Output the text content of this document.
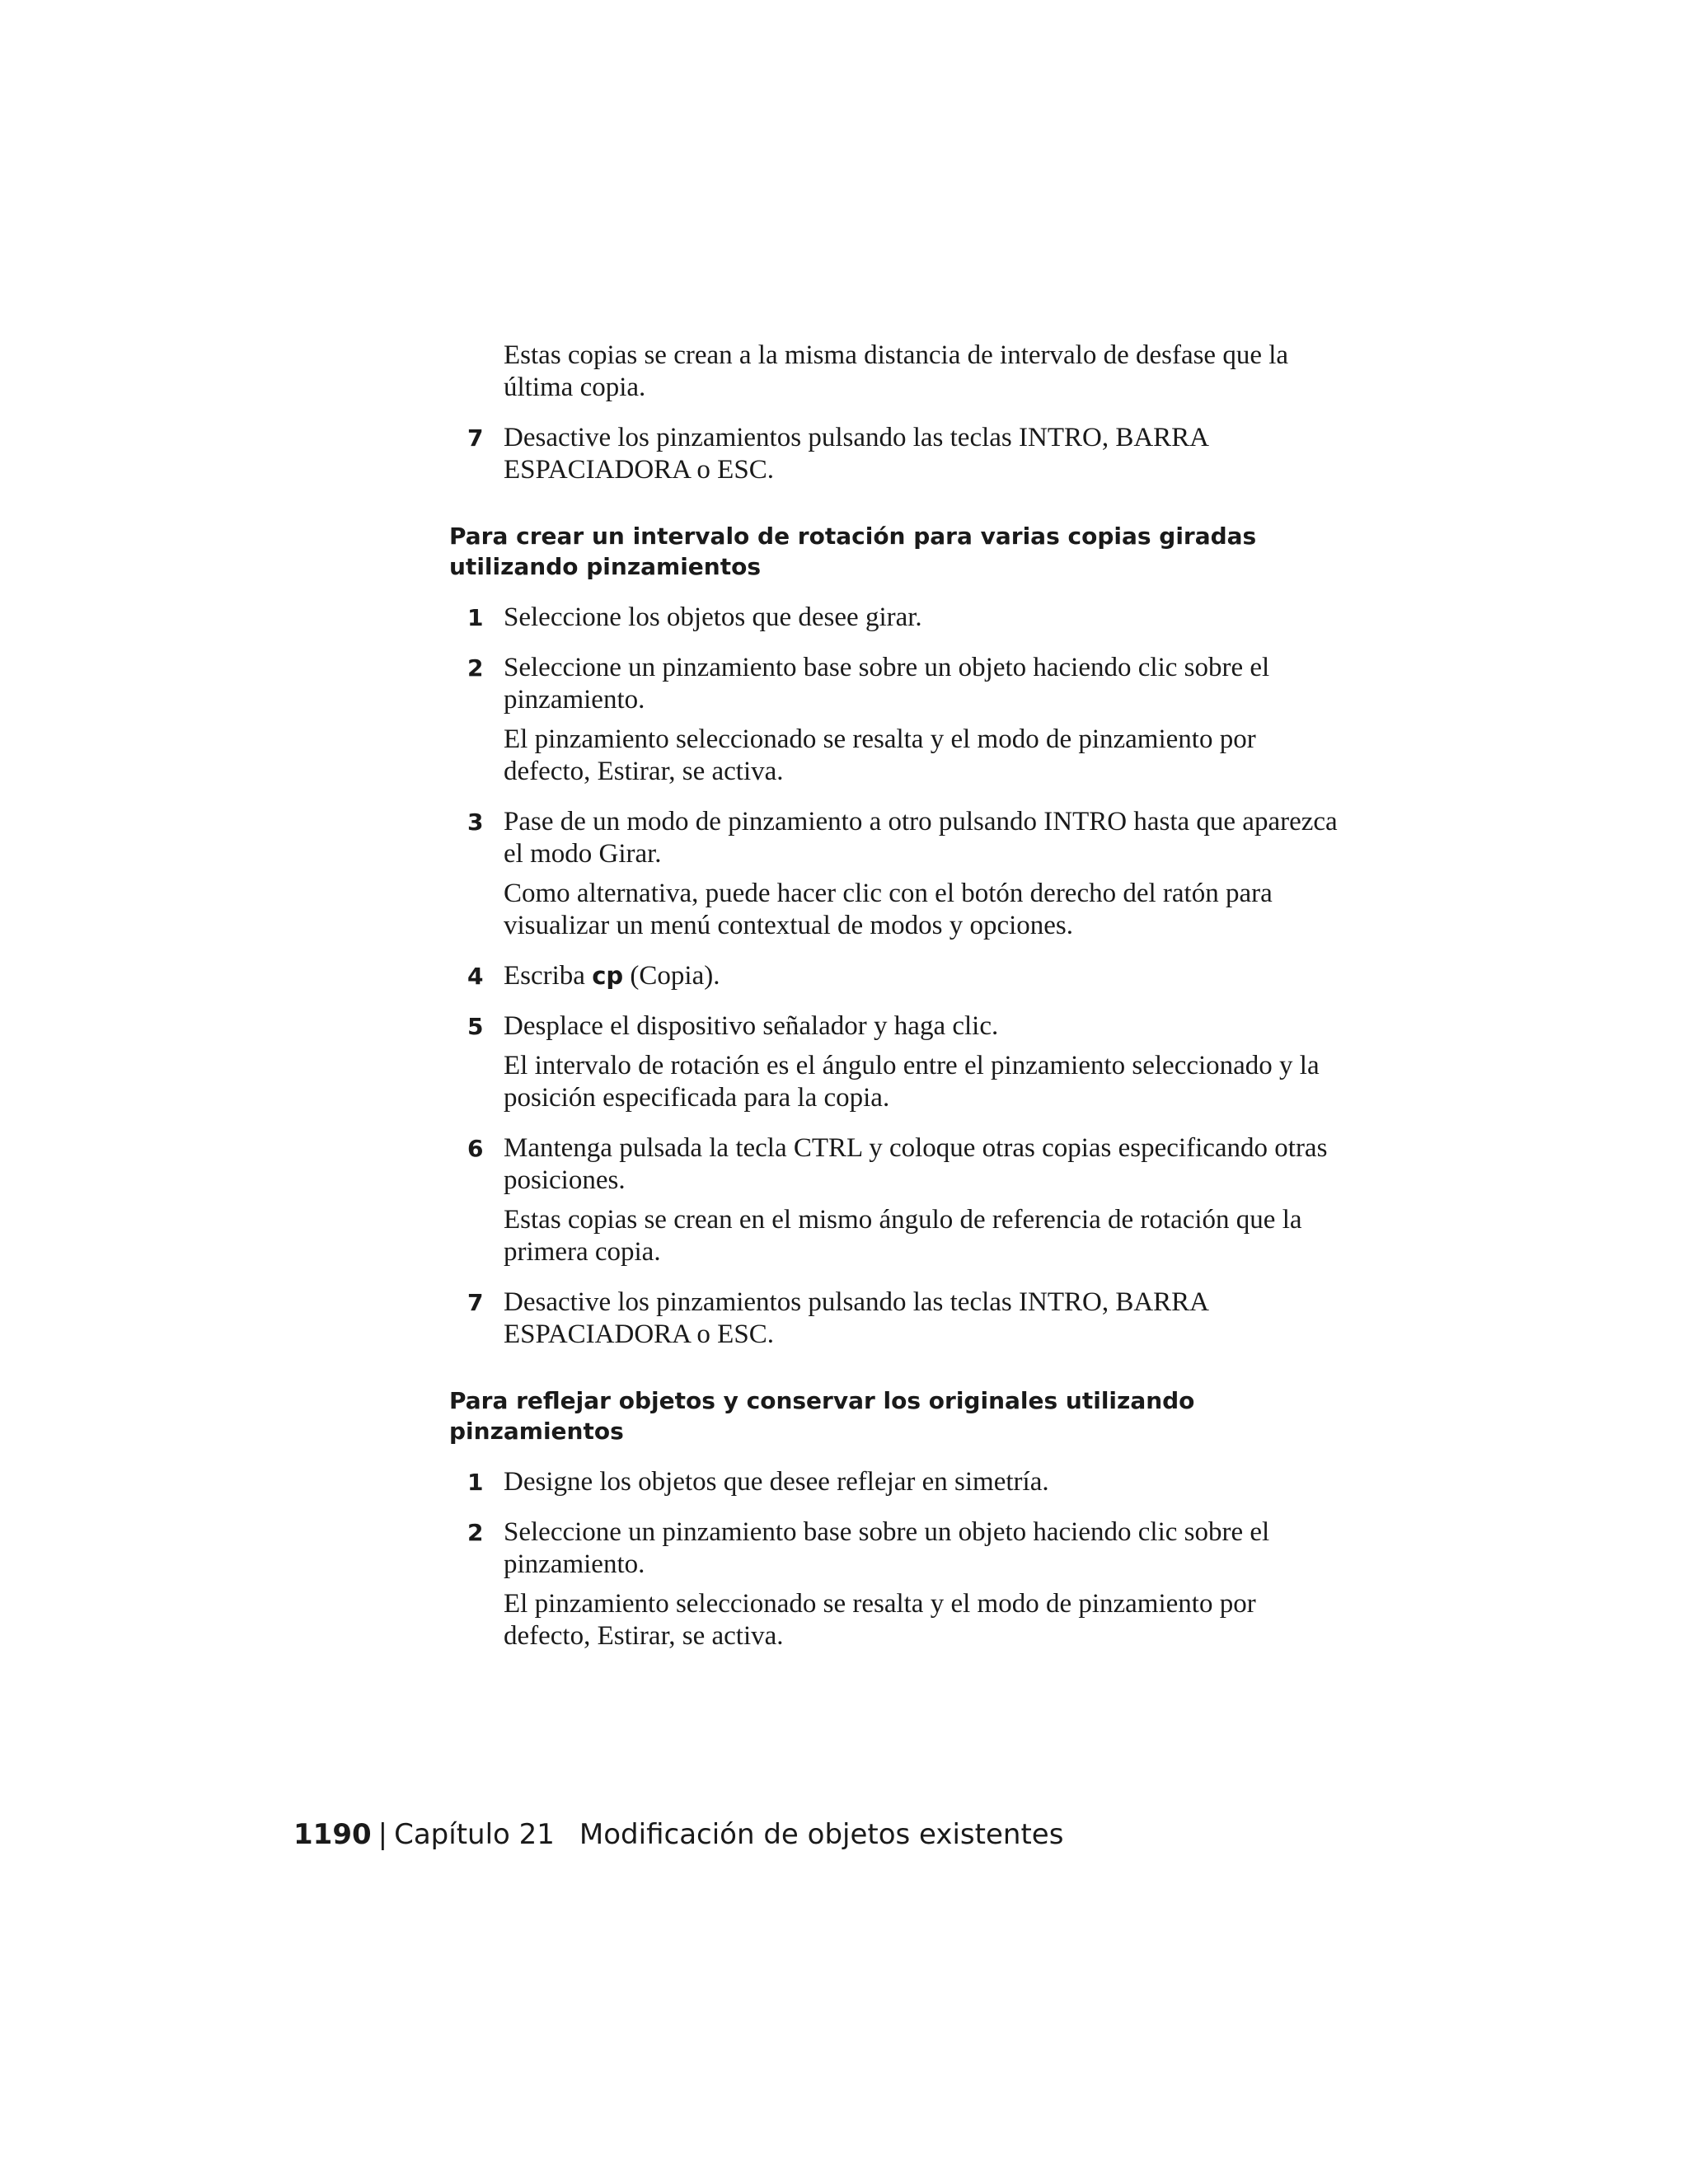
Estas copias se crean a la misma distancia de intervalo de desfase que la última copia.
7 Desactive los pinzamientos pulsando las teclas INTRO, BARRA ESPACIADORA o ESC.
Para crear un intervalo de rotación para varias copias giradas utilizando pinzamientos
1 Seleccione los objetos que desee girar.
2 Seleccione un pinzamiento base sobre un objeto haciendo clic sobre el pinzamiento.
El pinzamiento seleccionado se resalta y el modo de pinzamiento por defecto, Estirar, se activa.
3 Pase de un modo de pinzamiento a otro pulsando INTRO hasta que aparezca el modo Girar.
Como alternativa, puede hacer clic con el botón derecho del ratón para visualizar un menú contextual de modos y opciones.
4 Escriba cp (Copia).
5 Desplace el dispositivo señalador y haga clic.
El intervalo de rotación es el ángulo entre el pinzamiento seleccionado y la posición especificada para la copia.
6 Mantenga pulsada la tecla CTRL y coloque otras copias especificando otras posiciones.
Estas copias se crean en el mismo ángulo de referencia de rotación que la primera copia.
7 Desactive los pinzamientos pulsando las teclas INTRO, BARRA ESPACIADORA o ESC.
Para reflejar objetos y conservar los originales utilizando pinzamientos
1 Designe los objetos que desee reflejar en simetría.
2 Seleccione un pinzamiento base sobre un objeto haciendo clic sobre el pinzamiento.
El pinzamiento seleccionado se resalta y el modo de pinzamiento por defecto, Estirar, se activa.
1190 | Capítulo 21 Modificación de objetos existentes
